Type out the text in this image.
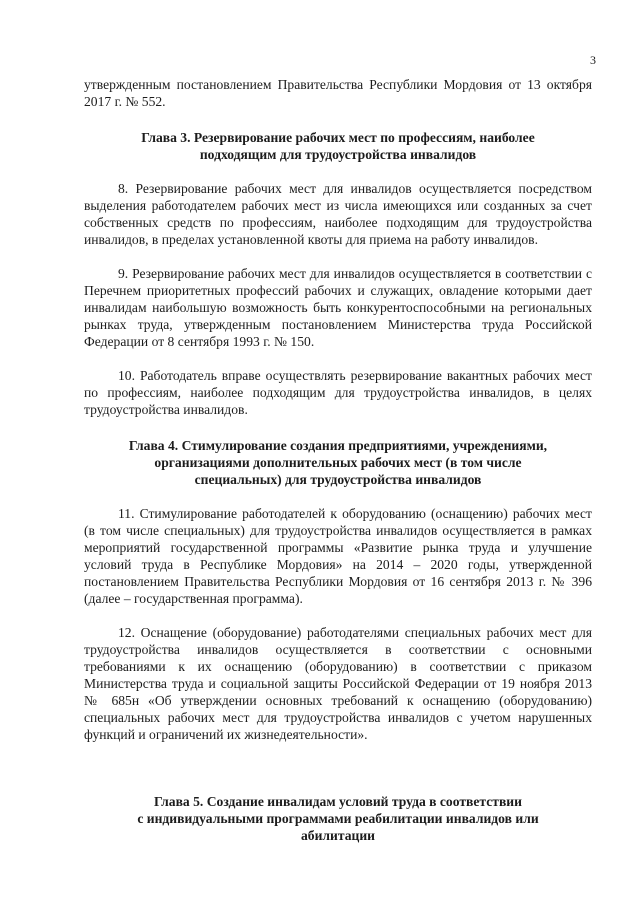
3

утвержденным постановлением Правительства Республики Мордовия от 13 октября 2017 г. № 552.

Глава 3. Резервирование рабочих мест по профессиям, наиболее
подходящим для трудоустройства инвалидов

8. Резервирование рабочих мест для инвалидов осуществляется посредством выделения работодателем рабочих мест из числа имеющихся или созданных за счет собственных средств по профессиям, наиболее подходящим для трудоустройства инвалидов, в пределах установленной квоты для приема на работу инвалидов.

9. Резервирование рабочих мест для инвалидов осуществляется в соответствии с Перечнем приоритетных профессий рабочих и служащих, овладение которыми дает инвалидам наибольшую возможность быть конкурентоспособными на региональных рынках труда, утвержденным постановлением Министерства труда Российской Федерации от 8 сентября 1993 г. № 150.

10. Работодатель вправе осуществлять резервирование вакантных рабочих мест по профессиям, наиболее подходящим для трудоустройства инвалидов, в целях трудоустройства инвалидов.

Глава 4. Стимулирование создания предприятиями, учреждениями,
организациями дополнительных рабочих мест (в том числе
специальных) для трудоустройства инвалидов

11. Стимулирование работодателей к оборудованию (оснащению) рабочих мест (в том числе специальных) для трудоустройства инвалидов осуществляется в рамках мероприятий государственной программы «Развитие рынка труда и улучшение условий труда в Республике Мордовия» на 2014 – 2020 годы, утвержденной постановлением Правительства Республики Мордовия от 16 сентября 2013 г. № 396 (далее – государственная программа).

12. Оснащение (оборудование) работодателями специальных рабочих мест для трудоустройства инвалидов осуществляется в соответствии с основными требованиями к их оснащению (оборудованию) в соответствии с приказом Министерства труда и социальной защиты Российской Федерации от 19 ноября 2013 № 685н «Об утверждении основных требований к оснащению (оборудованию) специальных рабочих мест для трудоустройства инвалидов с учетом нарушенных функций и ограничений их жизнедеятельности».

Глава 5. Создание инвалидам условий труда в соответствии
с индивидуальными программами реабилитации инвалидов или
абилитации
